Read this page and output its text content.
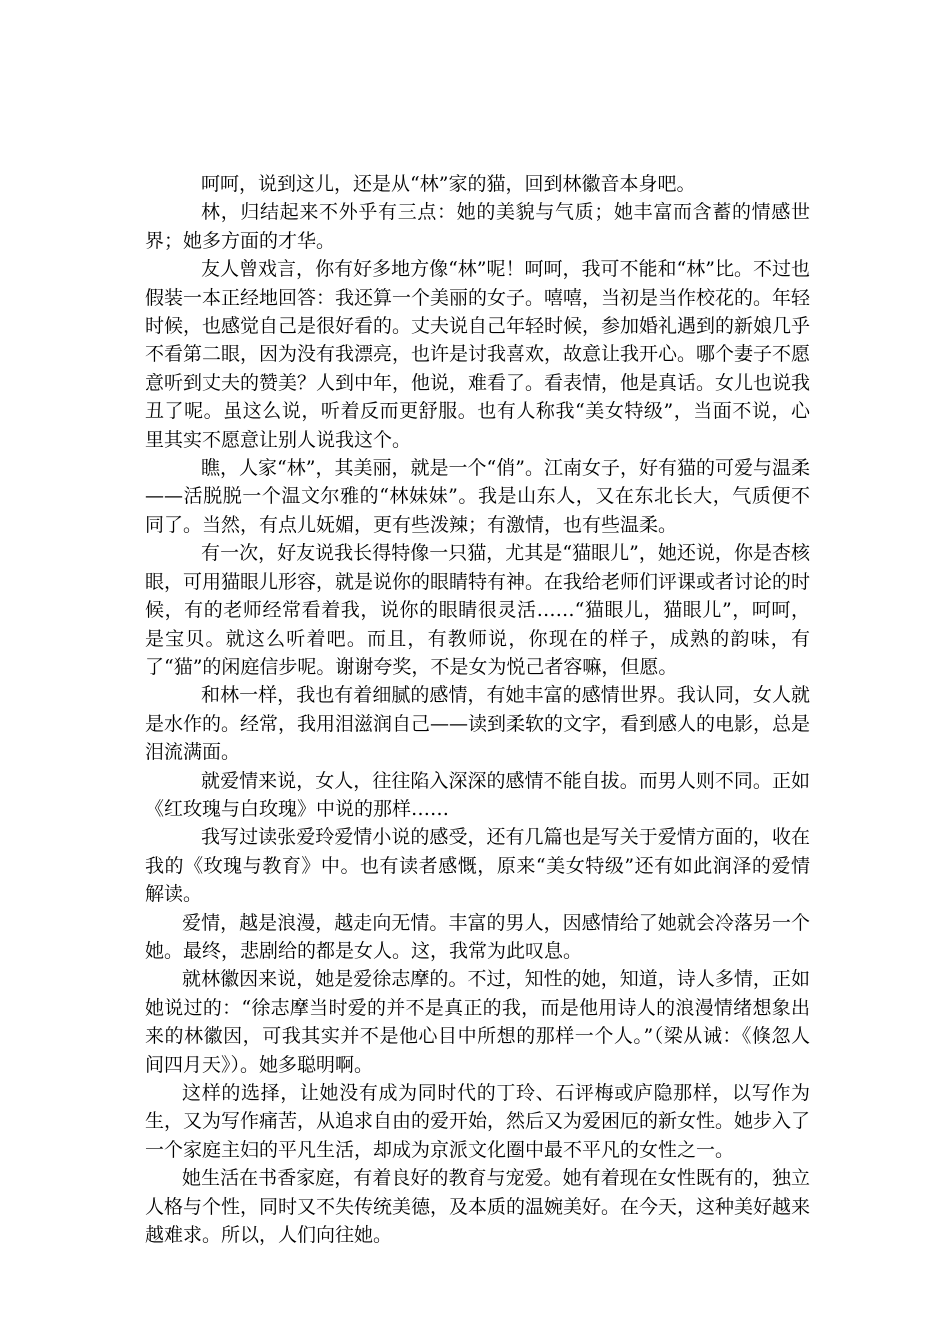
呵呵，说到这儿，还是从“林”家的猫，回到林徽音本身吧。

林，归结起来不外乎有三点：她的美貌与气质；她丰富而含蓄的情感世界；她多方面的才华。

友人曾戏言，你有好多地方像“林”呢！呵呵，我可不能和“林”比。不过也假装一本正经地回答：我还算一个美丽的女子。嘻嘻，当初是当作校花的。年轻时候，也感觉自己是很好看的。丈夫说自己年轻时候，参加婚礼遇到的新娘几乎不看第二眼，因为没有我漂亮，也许是讨我喜欢，故意让我开心。哪个妻子不愿意听到丈夫的赞美？人到中年，他说，难看了。看表情，他是真话。女儿也说我丑了呢。虽这么说，听着反而更舒服。也有人称我“美女特级”，当面不说，心里其实不愿意让别人说我这个。

瞧，人家“林”，其美丽，就是一个“俏”。江南女子，好有猫的可爱与温柔——活脱脱一个温文尔雅的“林妹妹”。我是山东人，又在东北长大，气质便不同了。当然，有点儿妩媚，更有些泼辣；有激情，也有些温柔。

有一次，好友说我长得特像一只猫，尤其是“猫眼儿”，她还说，你是杏核眼，可用猫眼儿形容，就是说你的眼睛特有神。在我给老师们评课或者讨论的时候，有的老师经常看着我，说你的眼睛很灵活……“猫眼儿，猫眼儿”，呵呵，是宝贝。就这么听着吧。而且，有教师说，你现在的样子，成熟的韵味，有了“猫”的闲庭信步呢。谢谢夸奖，不是女为悦己者容嘛，但愿。

和林一样，我也有着细腻的感情，有她丰富的感情世界。我认同，女人就是水作的。经常，我用泪滋润自己——读到柔软的文字，看到感人的电影，总是泪流满面。

就爱情来说，女人，往往陷入深深的感情不能自拔。而男人则不同。正如《红玫瑰与白玫瑰》中说的那样……

我写过读张爱玲爱情小说的感受，还有几篇也是写关于爱情方面的，收在我的《玫瑰与教育》中。也有读者感慨，原来“美女特级”还有如此润泽的爱情解读。

爱情，越是浪漫，越走向无情。丰富的男人，因感情给了她就会冷落另一个她。最终，悲剧给的都是女人。这，我常为此叹息。

就林徽因来说，她是爱徐志摩的。不过，知性的她，知道，诗人多情，正如她说过的：“徐志摩当时爱的并不是真正的我，而是他用诗人的浪漫情绪想象出来的林徽因，可我其实并不是他心目中所想的那样一个人。”（梁从诫：《倏忽人间四月天》）。她多聪明啊。

这样的选择，让她没有成为同时代的丁玲、石评梅或庐隐那样，以写作为生，又为写作痛苦，从追求自由的爱开始，然后又为爱困厄的新女性。她步入了一个家庭主妇的平凡生活，却成为京派文化圈中最不平凡的女性之一。

她生活在书香家庭，有着良好的教育与宠爱。她有着现在女性既有的，独立人格与个性，同时又不失传统美德，及本质的温婉美好。在今天，这种美好越来越难求。所以，人们向往她。
